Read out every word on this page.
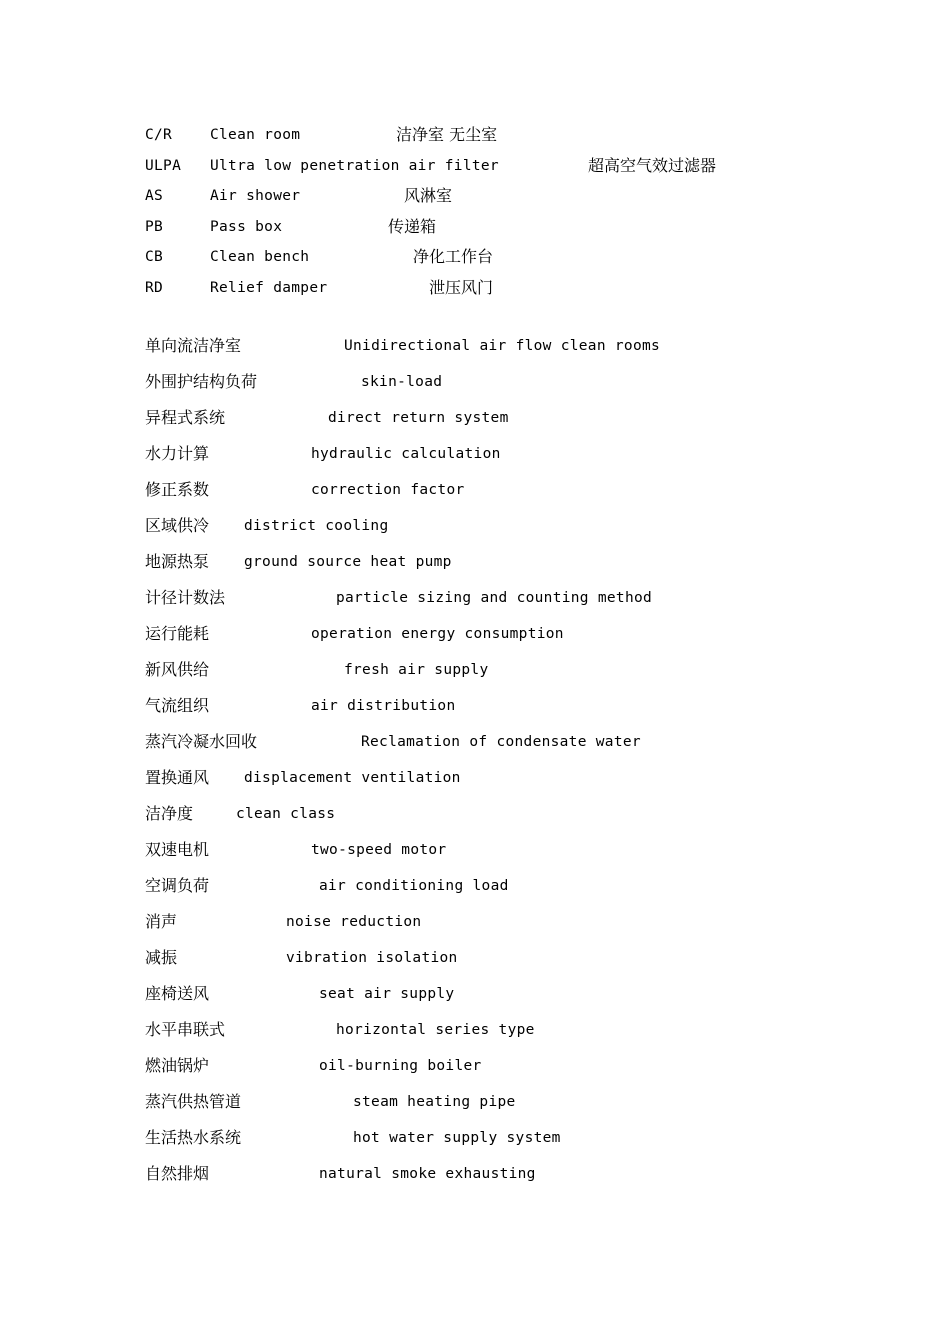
C/R	Clean room	洁净室 无尘室
ULPA Ultra low penetration air filter	超高空气效过滤器
AS	Air shower	风淋室
PB	Pass box	传递箱
CB	Clean bench	净化工作台
RD	Relief damper	泄压风门
单向流洁净室	Unidirectional air flow clean rooms
外围护结构负荷	skin-load
异程式系统	direct return system
水力计算	hydraulic calculation
修正系数	correction factor
区域供冷 district cooling
地源热泵 ground source heat pump
计径计数法	particle sizing and counting method
运行能耗	operation energy consumption
新风供给	fresh air supply
气流组织	air distribution
蒸汽冷凝水回收	Reclamation of condensate water
置换通风 displacement ventilation
洁净度	clean class
双速电机	two-speed motor
空调负荷	air conditioning load
消声	noise reduction
减振	vibration isolation
座椅送风	seat air supply
水平串联式	horizontal series type
燃油锅炉	oil-burning boiler
蒸汽供热管道	steam heating pipe
生活热水系统	hot water supply system
自然排烟	natural smoke exhausting
